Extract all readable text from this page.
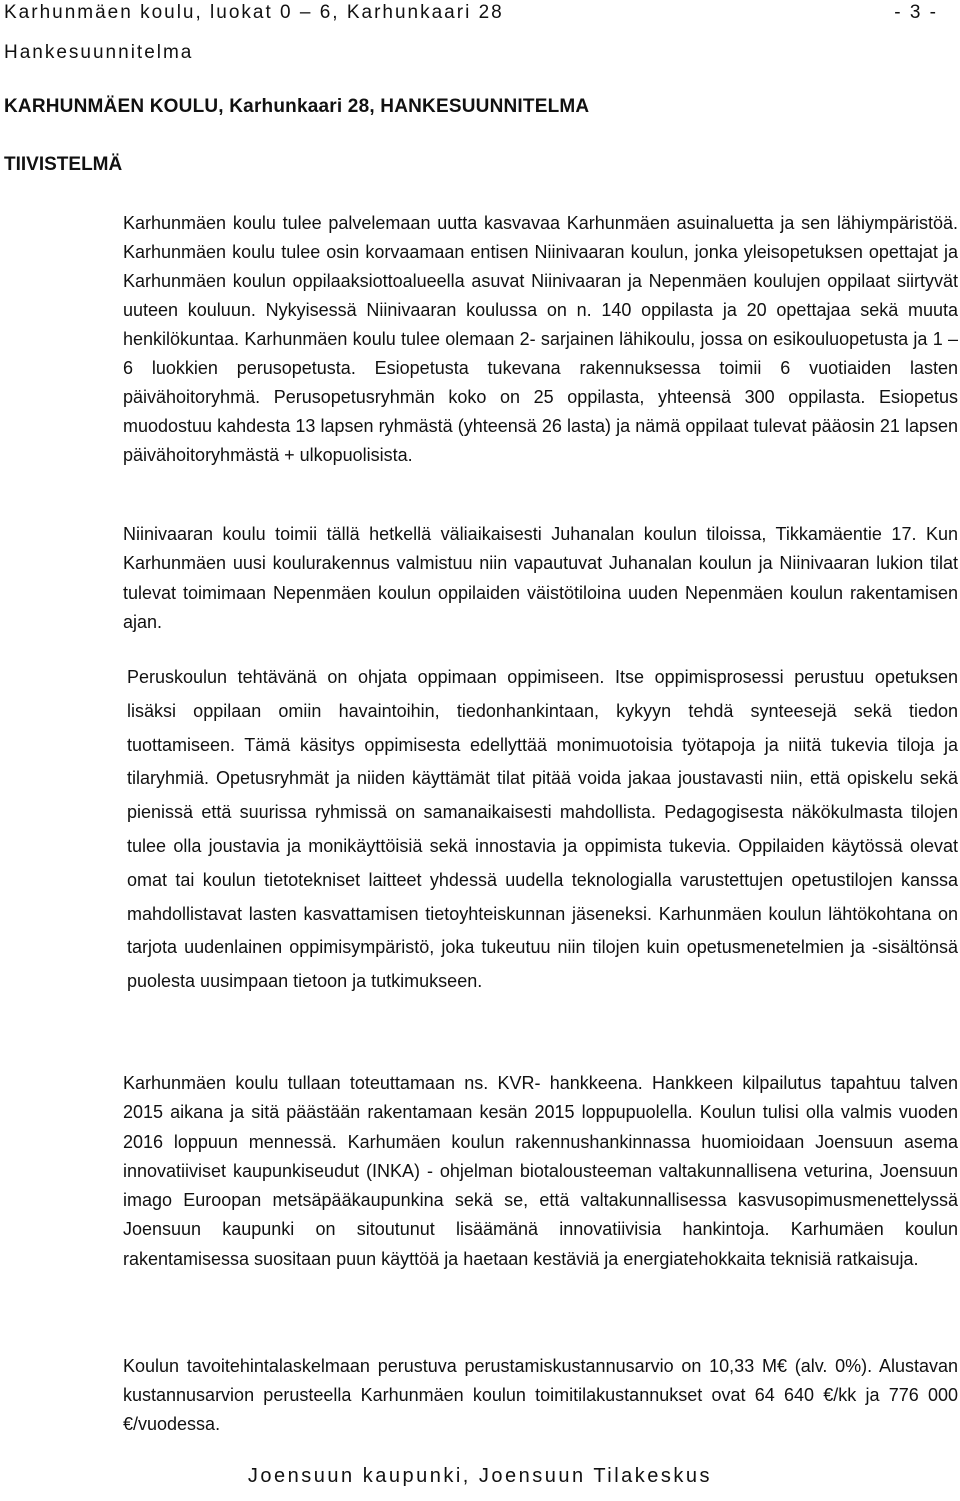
Karhunmäen koulu, luokat 0 – 6, Karhunkaari 28	- 3 -
Hankesuunnitelma
KARHUNMÄEN KOULU, Karhunkaari 28, HANKESUUNNITELMA
TIIVISTELMÄ

Karhunmäen koulu tulee palvelemaan uutta kasvavaa Karhunmäen asuinaluetta ja sen lähiympäristöä. Karhunmäen koulu tulee osin korvaamaan entisen Niinivaaran koulun, jonka yleisopetuksen opettajat ja Karhunmäen koulun oppilaaksiottoalueella asuvat Niinivaaran ja Nepenmäen koulujen oppilaat siirtyvät uuteen kouluun. Nykyisessä Niinivaaran koulussa on n. 140 oppilasta ja 20 opettajaa sekä muuta henkilökuntaa. Karhunmäen koulu tulee olemaan 2- sarjainen lähikoulu, jossa on esikouluopetusta ja 1 – 6 luokkien perusopetusta. Esiopetusta tukevana rakennuksessa toimii 6 vuotiaiden lasten päivähoitoryhmä. Perusopetusryhmän koko on 25 oppilasta, yhteensä 300 oppilasta. Esiopetus muodostuu kahdesta 13 lapsen ryhmästä (yhteensä 26 lasta) ja nämä oppilaat tulevat pääosin 21 lapsen päivähoitoryhmästä + ulkopuolisista.

Niinivaaran koulu toimii tällä hetkellä väliaikaisesti Juhanalan koulun tiloissa, Tikkamäentie 17. Kun Karhunmäen uusi koulurakennus valmistuu niin vapautuvat Juhanalan koulun ja Niinivaaran lukion tilat tulevat toimimaan Nepenmäen koulun oppilaiden väistötiloina uuden Nepenmäen koulun rakentamisen ajan.

Peruskoulun tehtävänä on ohjata oppimaan oppimiseen. Itse oppimisprosessi perustuu opetuksen lisäksi oppilaan omiin havaintoihin, tiedonhankintaan, kykyyn tehdä synteesejä sekä tiedon tuottamiseen. Tämä käsitys oppimisesta edellyttää monimuotoisia työtapoja ja niitä tukevia tiloja ja tilaryhmiä. Opetusryhmät ja niiden käyttämät tilat pitää voida jakaa joustavasti niin, että opiskelu sekä pienissä että suurissa ryhmissä on samanaikaisesti mahdollista. Pedagogisesta näkökulmasta tilojen tulee olla joustavia ja monikäyttöisiä sekä innostavia ja oppimista tukevia. Oppilaiden käytössä olevat omat tai koulun tietotekniset laitteet yhdessä uudella teknologialla varustettujen opetustilojen kanssa mahdollistavat lasten kasvattamisen tietoyhteiskunnan jäseneksi. Karhunmäen koulun lähtökohtana on tarjota uudenlainen oppimisympäristö, joka tukeutuu niin tilojen kuin opetusmenetelmien ja -sisältönsä puolesta uusimpaan tietoon ja tutkimukseen.

Karhunmäen koulu tullaan toteuttamaan ns. KVR- hankkeena. Hankkeen kilpailutus tapahtuu talven 2015 aikana ja sitä päästään rakentamaan kesän 2015 loppupuolella. Koulun tulisi olla valmis vuoden 2016 loppuun mennessä. Karhumäen koulun rakennushankinnassa huomioidaan Joensuun asema innovatiiviset kaupunkiseudut (INKA) - ohjelman biotalousteeman valtakunnallisena veturina, Joensuun imago Euroopan metsäpääkaupunkina sekä se, että valtakunnallisessa kasvusopimusmenettelyssä Joensuun kaupunki on sitoutunut lisäämänä innovatiivisia hankintoja. Karhumäen koulun rakentamisessa suositaan puun käyttöä ja haetaan kestäviä ja energiatehokkaita teknisiä ratkaisuja.

Koulun tavoitehintalaskelmaan perustuva perustamiskustannusarvio on 10,33 M€ (alv. 0%). Alustavan kustannusarvion perusteella Karhunmäen koulun toimitilakustannukset ovat 64 640 €/kk ja 776 000 €/vuodessa.

Joensuun kaupunki, Joensuun Tilakeskus
